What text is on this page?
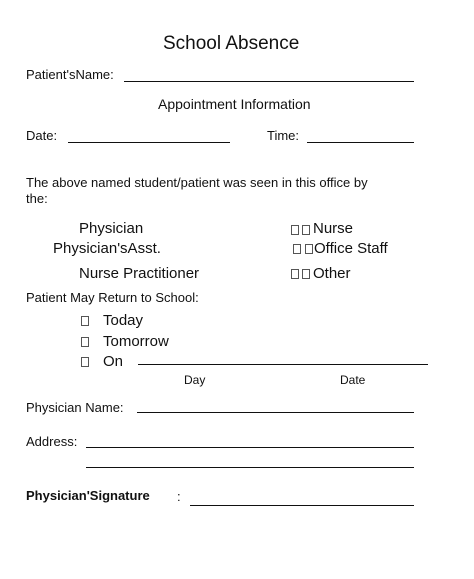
School Absence
Patient'sName:
Appointment Information
Date:	Time:
The above named student/patient was seen in this office by
the:
Physician
Physician'sAsst.
Nurse Practitioner
Nurse
Office Staff
Other
Patient May Return to School:
Today
Tomorrow
On
Day	Date
Physician Name:
Address:
Physician'Signature :
